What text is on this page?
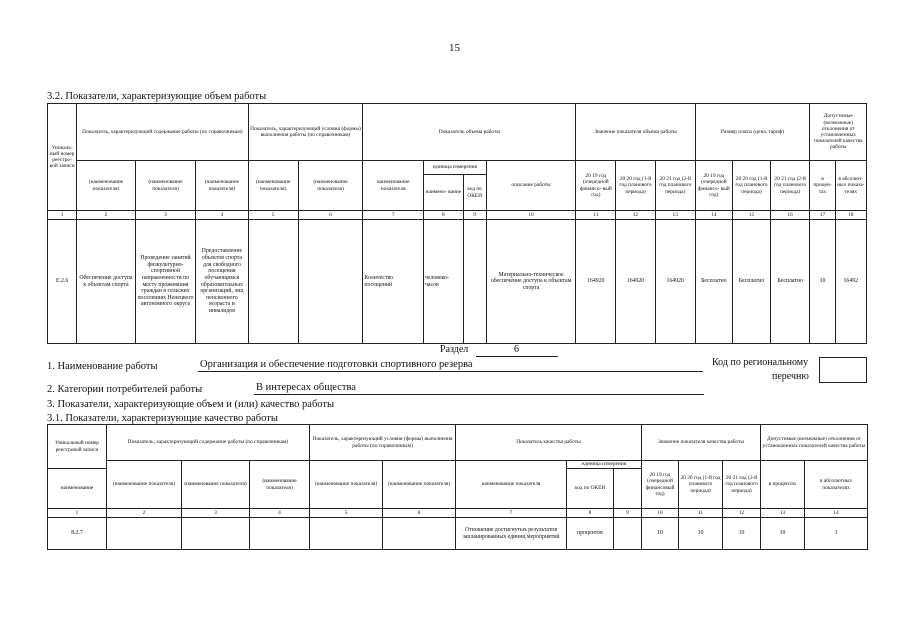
15
3.2. Показатели, характеризующие объем работы
Уникаль- ный номер реестро- вой записи	Показатель, характеризующий содержание работы (по справочникам)			Показатель, характеризующий условия (формы) выполнения работы (по справочникам)		Показатель объема работы				Значение показателя объема работы			Размер платы (цена, тариф)			Допустимые (возможные) отклонения от установленных показателей качества работы	
	(наименование показателя)	(наименование показателя)	(наименование показателя)	(наименование показателя)	(наименование показателя)	наименование показателя	единица измерения		описание работы	20 19 год (очередной финансо- вый год)	20 20 год (1-й год планового периода)	20 21 год (2-й год планового периода)	20 19 год (очередной финансо- вый год)	20 20 год (1-й год планового периода)	20 21 год (2-й год планового периода)	в процен- тах	в абсолют- ных показа- телях
							наимено- вание	код по ОКЕИ									
1	2	3	4	5	6	7	8	9	10	11	12	13	14	15	16	17	18
Е.2.6	Обеспечение доступа к объектам спорта	Проведение занятий физкультурно- спортивной направленности по месту проживания граждан в сельских поселениях Ненецкого автономного округа	Предоставление объектов спорта для свободного посещения обучающимся образовательных организаций, лиц пенсионного возраста и инвалидов			Количество посещений	человеко- часов		Материально-техническое обеспечение доступа к объектам спорта	164920	164920	164920	Бесплатно	Бесплатно	Бесплатно	10	16492
Раздел	6
1. Наименование работы	Организация и обеспечение подготовки спортивного резерва	Код по региональному
перечню
2. Категории потребителей работы	В интересах общества
3. Показатели, характеризующие объем и (или) качество работы
3.1. Показатели, характеризующие качество работы
Уникальный номер реестровой записи	Показатель, характеризующий содержание работы (по справочникам)			Показатель, характеризующий условия (формы) выполнения работы (по справочникам)		Показатель качества работы			Значение показателя качества работы			Допустимые (возможные) отклонения от установленных показателей качества работы	
	(наименование показателя)	(наименование показателя)	(наименование показателя)	(наименование показателя)	(наименование показателя)	наименование показателя	единица измерения		20 19 год (очередной финансовый год)	20 20 год (1-й год планового периода)	20 21 год (2-й год планового периода)	в процентах	в абсолютных показателях
наименование							код по ОКЕИ						
1	2	3	4	5	6	7	8	9	10	11	12	13	14
8.2.7						Отношение достигнутых результатов запланированных единиц мероприятий	процентов		10	10	10	10	1
